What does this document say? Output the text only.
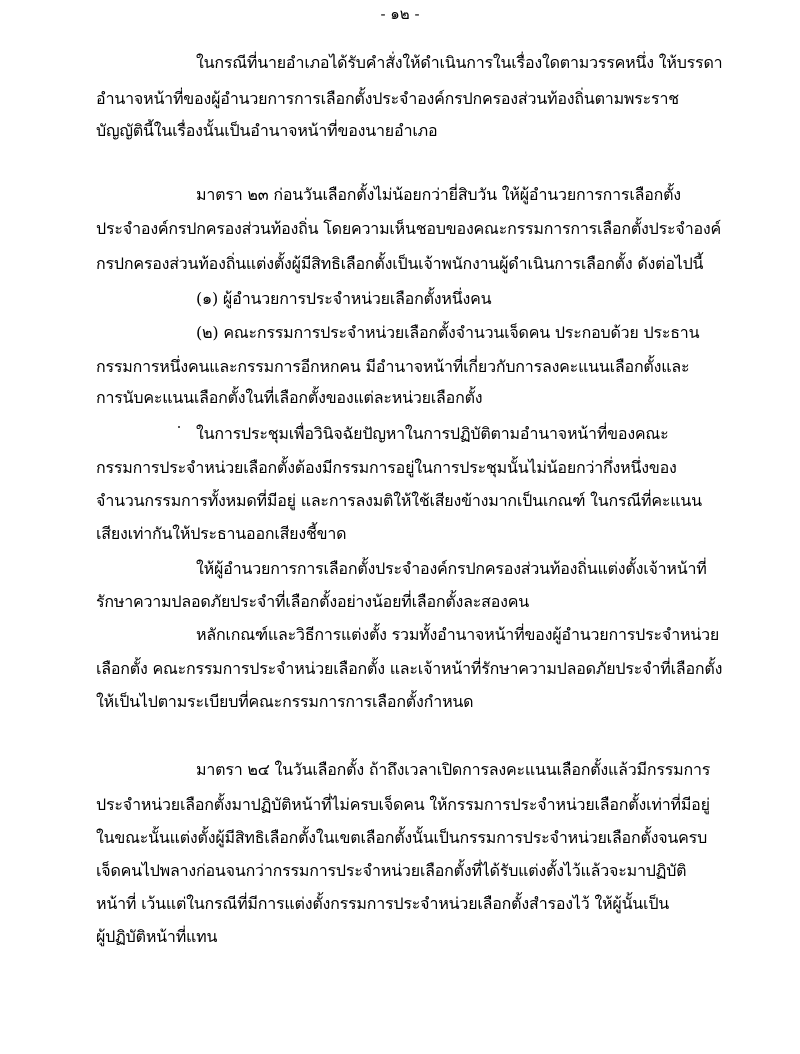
- ๑๒ -
ในกรณีที่นายอำเภอได้รับคำสั่งให้ดำเนินการในเรื่องใดตามวรรคหนึ่ง ให้บรรดา
อำนาจหน้าที่ของผู้อำนวยการการเลือกตั้งประจำองค์กรปกครองส่วนท้องถิ่นตามพระราช
บัญญัตินี้ในเรื่องนั้นเป็นอำนาจหน้าที่ของนายอำเภอ
มาตรา ๒๓ ก่อนวันเลือกตั้งไม่น้อยกว่ายี่สิบวัน ให้ผู้อำนวยการการเลือกตั้ง
ประจำองค์กรปกครองส่วนท้องถิ่น โดยความเห็นชอบของคณะกรรมการการเลือกตั้งประจำองค์
กรปกครองส่วนท้องถิ่นแต่งตั้งผู้มีสิทธิเลือกตั้งเป็นเจ้าพนักงานผู้ดำเนินการเลือกตั้ง ดังต่อไปนี้
(๑) ผู้อำนวยการประจำหน่วยเลือกตั้งหนึ่งคน
(๒) คณะกรรมการประจำหน่วยเลือกตั้งจำนวนเจ็ดคน ประกอบด้วย ประธาน
กรรมการหนึ่งคนและกรรมการอีกหกคน มีอำนาจหน้าที่เกี่ยวกับการลงคะแนนเลือกตั้งและ
การนับคะแนนเลือกตั้งในที่เลือกตั้งของแต่ละหน่วยเลือกตั้ง
ในการประชุมเพื่อวินิจฉัยปัญหาในการปฏิบัติตามอำนาจหน้าที่ของคณะ
กรรมการประจำหน่วยเลือกตั้งต้องมีกรรมการอยู่ในการประชุมนั้นไม่น้อยกว่ากึ่งหนึ่งของ
จำนวนกรรมการทั้งหมดที่มีอยู่ และการลงมติให้ใช้เสียงข้างมากเป็นเกณฑ์ ในกรณีที่คะแนน
เสียงเท่ากันให้ประธานออกเสียงชี้ขาด
ให้ผู้อำนวยการการเลือกตั้งประจำองค์กรปกครองส่วนท้องถิ่นแต่งตั้งเจ้าหน้าที่
รักษาความปลอดภัยประจำที่เลือกตั้งอย่างน้อยที่เลือกตั้งละสองคน
หลักเกณฑ์และวิธีการแต่งตั้ง รวมทั้งอำนาจหน้าที่ของผู้อำนวยการประจำหน่วย
เลือกตั้ง คณะกรรมการประจำหน่วยเลือกตั้ง และเจ้าหน้าที่รักษาความปลอดภัยประจำที่เลือกตั้ง
ให้เป็นไปตามระเบียบที่คณะกรรมการการเลือกตั้งกำหนด
มาตรา ๒๔ ในวันเลือกตั้ง ถ้าถึงเวลาเปิดการลงคะแนนเลือกตั้งแล้วมีกรรมการ
ประจำหน่วยเลือกตั้งมาปฏิบัติหน้าที่ไม่ครบเจ็ดคน ให้กรรมการประจำหน่วยเลือกตั้งเท่าที่มีอยู่
ในขณะนั้นแต่งตั้งผู้มีสิทธิเลือกตั้งในเขตเลือกตั้งนั้นเป็นกรรมการประจำหน่วยเลือกตั้งจนครบ
เจ็ดคนไปพลางก่อนจนกว่ากรรมการประจำหน่วยเลือกตั้งที่ได้รับแต่งตั้งไว้แล้วจะมาปฏิบัติ
หน้าที่ เว้นแต่ในกรณีที่มีการแต่งตั้งกรรมการประจำหน่วยเลือกตั้งสำรองไว้ ให้ผู้นั้นเป็น
ผู้ปฏิบัติหน้าที่แทน
